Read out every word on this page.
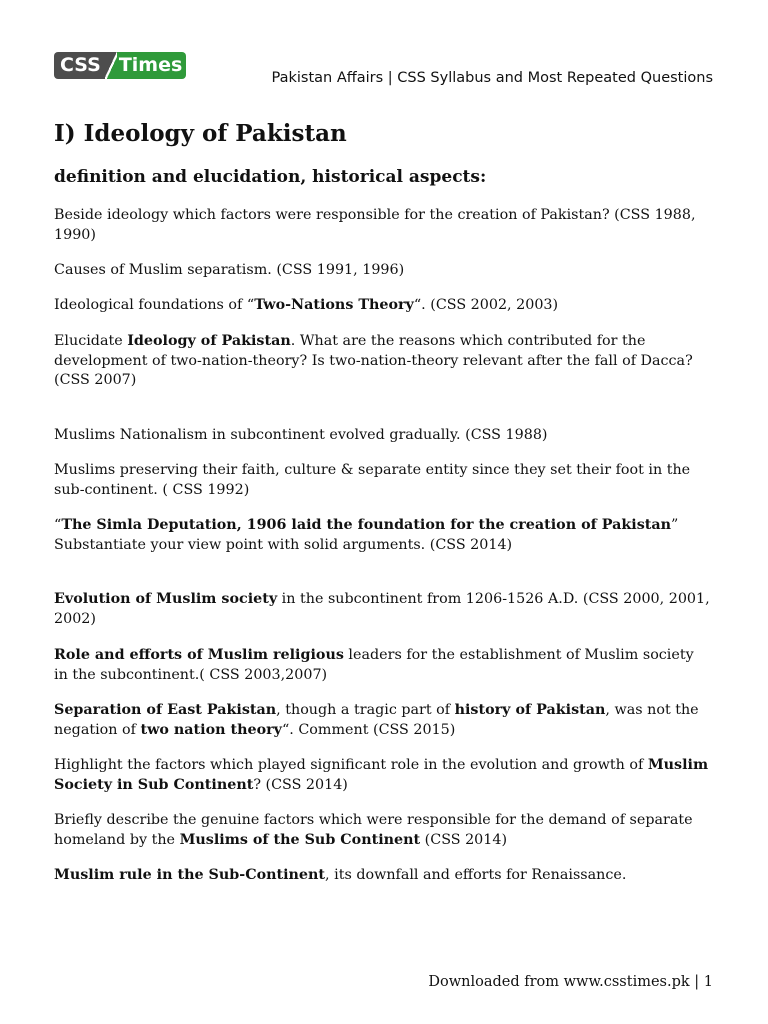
CSS Times
Pakistan Affairs | CSS Syllabus and Most Repeated Questions
I) Ideology of Pakistan
definition and elucidation, historical aspects:

Beside ideology which factors were responsible for the creation of Pakistan? (CSS 1988, 1990)

Causes of Muslim separatism. (CSS 1991, 1996)

Ideological foundations of “Two-Nations Theory“. (CSS 2002, 2003)

Elucidate Ideology of Pakistan. What are the reasons which contributed for the development of two-nation-theory? Is two-nation-theory relevant after the fall of Dacca? (CSS 2007)

Muslims Nationalism in subcontinent evolved gradually. (CSS 1988)

Muslims preserving their faith, culture & separate entity since they set their foot in the sub-continent. ( CSS 1992)

“The Simla Deputation, 1906 laid the foundation for the creation of Pakistan” Substantiate your view point with solid arguments. (CSS 2014)

Evolution of Muslim society in the subcontinent from 1206-1526 A.D. (CSS 2000, 2001, 2002)

Role and efforts of Muslim religious leaders for the establishment of Muslim society in the subcontinent.( CSS 2003,2007)

Separation of East Pakistan, though a tragic part of history of Pakistan, was not the negation of two nation theory“. Comment (CSS 2015)

Highlight the factors which played significant role in the evolution and growth of Muslim Society in Sub Continent? (CSS 2014)

Briefly describe the genuine factors which were responsible for the demand of separate homeland by the Muslims of the Sub Continent (CSS 2014)

Muslim rule in the Sub-Continent, its downfall and efforts for Renaissance.

Downloaded from www.csstimes.pk | 1
